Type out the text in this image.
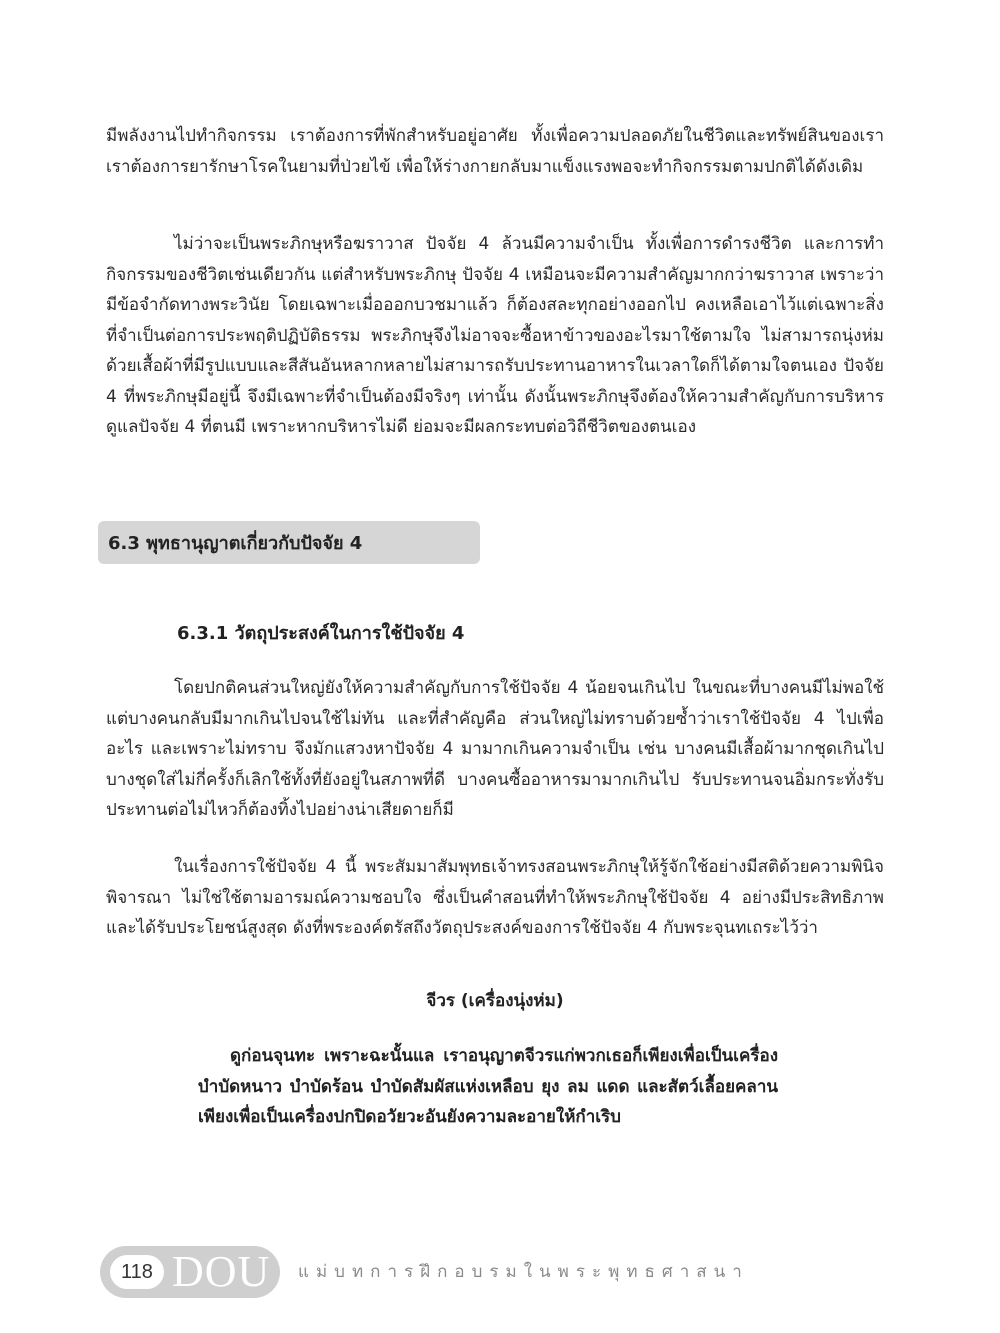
มีพลังงานไปทำกิจกรรม เราต้องการที่พักสำหรับอยู่อาศัย ทั้งเพื่อความปลอดภัยในชีวิตและทรัพย์สินของเรา เราต้องการยารักษาโรคในยามที่ป่วยไข้ เพื่อให้ร่างกายกลับมาแข็งแรงพอจะทำกิจกรรมตามปกติได้ดังเดิม

ไม่ว่าจะเป็นพระภิกษุหรือฆราวาส ปัจจัย 4 ล้วนมีความจำเป็น ทั้งเพื่อการดำรงชีวิต และการทำกิจกรรมของชีวิตเช่นเดียวกัน แต่สำหรับพระภิกษุ ปัจจัย 4 เหมือนจะมีความสำคัญมากกว่าฆราวาส เพราะว่ามีข้อจำกัดทางพระวินัย โดยเฉพาะเมื่อออกบวชมาแล้ว ก็ต้องสละทุกอย่างออกไป คงเหลือเอาไว้แต่เฉพาะสิ่งที่จำเป็นต่อการประพฤติปฏิบัติธรรม พระภิกษุจึงไม่อาจจะซื้อหาข้าวของอะไรมาใช้ตามใจ ไม่สามารถนุ่งห่มด้วยเสื้อผ้าที่มีรูปแบบและสีสันอันหลากหลายไม่สามารถรับประทานอาหารในเวลาใดก็ได้ตามใจตนเอง ปัจจัย 4 ที่พระภิกษุมีอยู่นี้ จึงมีเฉพาะที่จำเป็นต้องมีจริงๆ เท่านั้น ดังนั้นพระภิกษุจึงต้องให้ความสำคัญกับการบริหารดูแลปัจจัย 4 ที่ตนมี เพราะหากบริหารไม่ดี ย่อมจะมีผลกระทบต่อวิถีชีวิตของตนเอง

6.3 พุทธานุญาตเกี่ยวกับปัจจัย 4
6.3.1 วัตถุประสงค์ในการใช้ปัจจัย 4

โดยปกติคนส่วนใหญ่ยังให้ความสำคัญกับการใช้ปัจจัย 4 น้อยจนเกินไป ในขณะที่บางคนมีไม่พอใช้ แต่บางคนกลับมีมากเกินไปจนใช้ไม่ทัน และที่สำคัญคือ ส่วนใหญ่ไม่ทราบด้วยซ้ำว่าเราใช้ปัจจัย 4 ไปเพื่ออะไร และเพราะไม่ทราบ จึงมักแสวงหาปัจจัย 4 มามากเกินความจำเป็น เช่น บางคนมีเสื้อผ้ามากชุดเกินไป บางชุดใส่ไม่กี่ครั้งก็เลิกใช้ทั้งที่ยังอยู่ในสภาพที่ดี บางคนซื้ออาหารมามากเกินไป รับประทานจนอิ่มกระทั่งรับประทานต่อไม่ไหวก็ต้องทิ้งไปอย่างน่าเสียดายก็มี

ในเรื่องการใช้ปัจจัย 4 นี้ พระสัมมาสัมพุทธเจ้าทรงสอนพระภิกษุให้รู้จักใช้อย่างมีสติด้วยความพินิจพิจารณา ไม่ใช่ใช้ตามอารมณ์ความชอบใจ ซึ่งเป็นคำสอนที่ทำให้พระภิกษุใช้ปัจจัย 4 อย่างมีประสิทธิภาพ และได้รับประโยชน์สูงสุด ดังที่พระองค์ตรัสถึงวัตถุประสงค์ของการใช้ปัจจัย 4 กับพระจุนทเถระไว้ว่า

จีวร (เครื่องนุ่งห่ม)

ดูก่อนจุนทะ เพราะฉะนั้นแล เราอนุญาตจีวรแก่พวกเธอก็เพียงเพื่อเป็นเครื่องบำบัดหนาว บำบัดร้อน บำบัดสัมผัสแห่งเหลือบ ยุง ลม แดด และสัตว์เลื้อยคลาน เพียงเพื่อเป็นเครื่องปกปิดอวัยวะอันยังความละอายให้กำเริบ

118 DOU แม่บทการฝึกอบรมในพระพุทธศาสนา
